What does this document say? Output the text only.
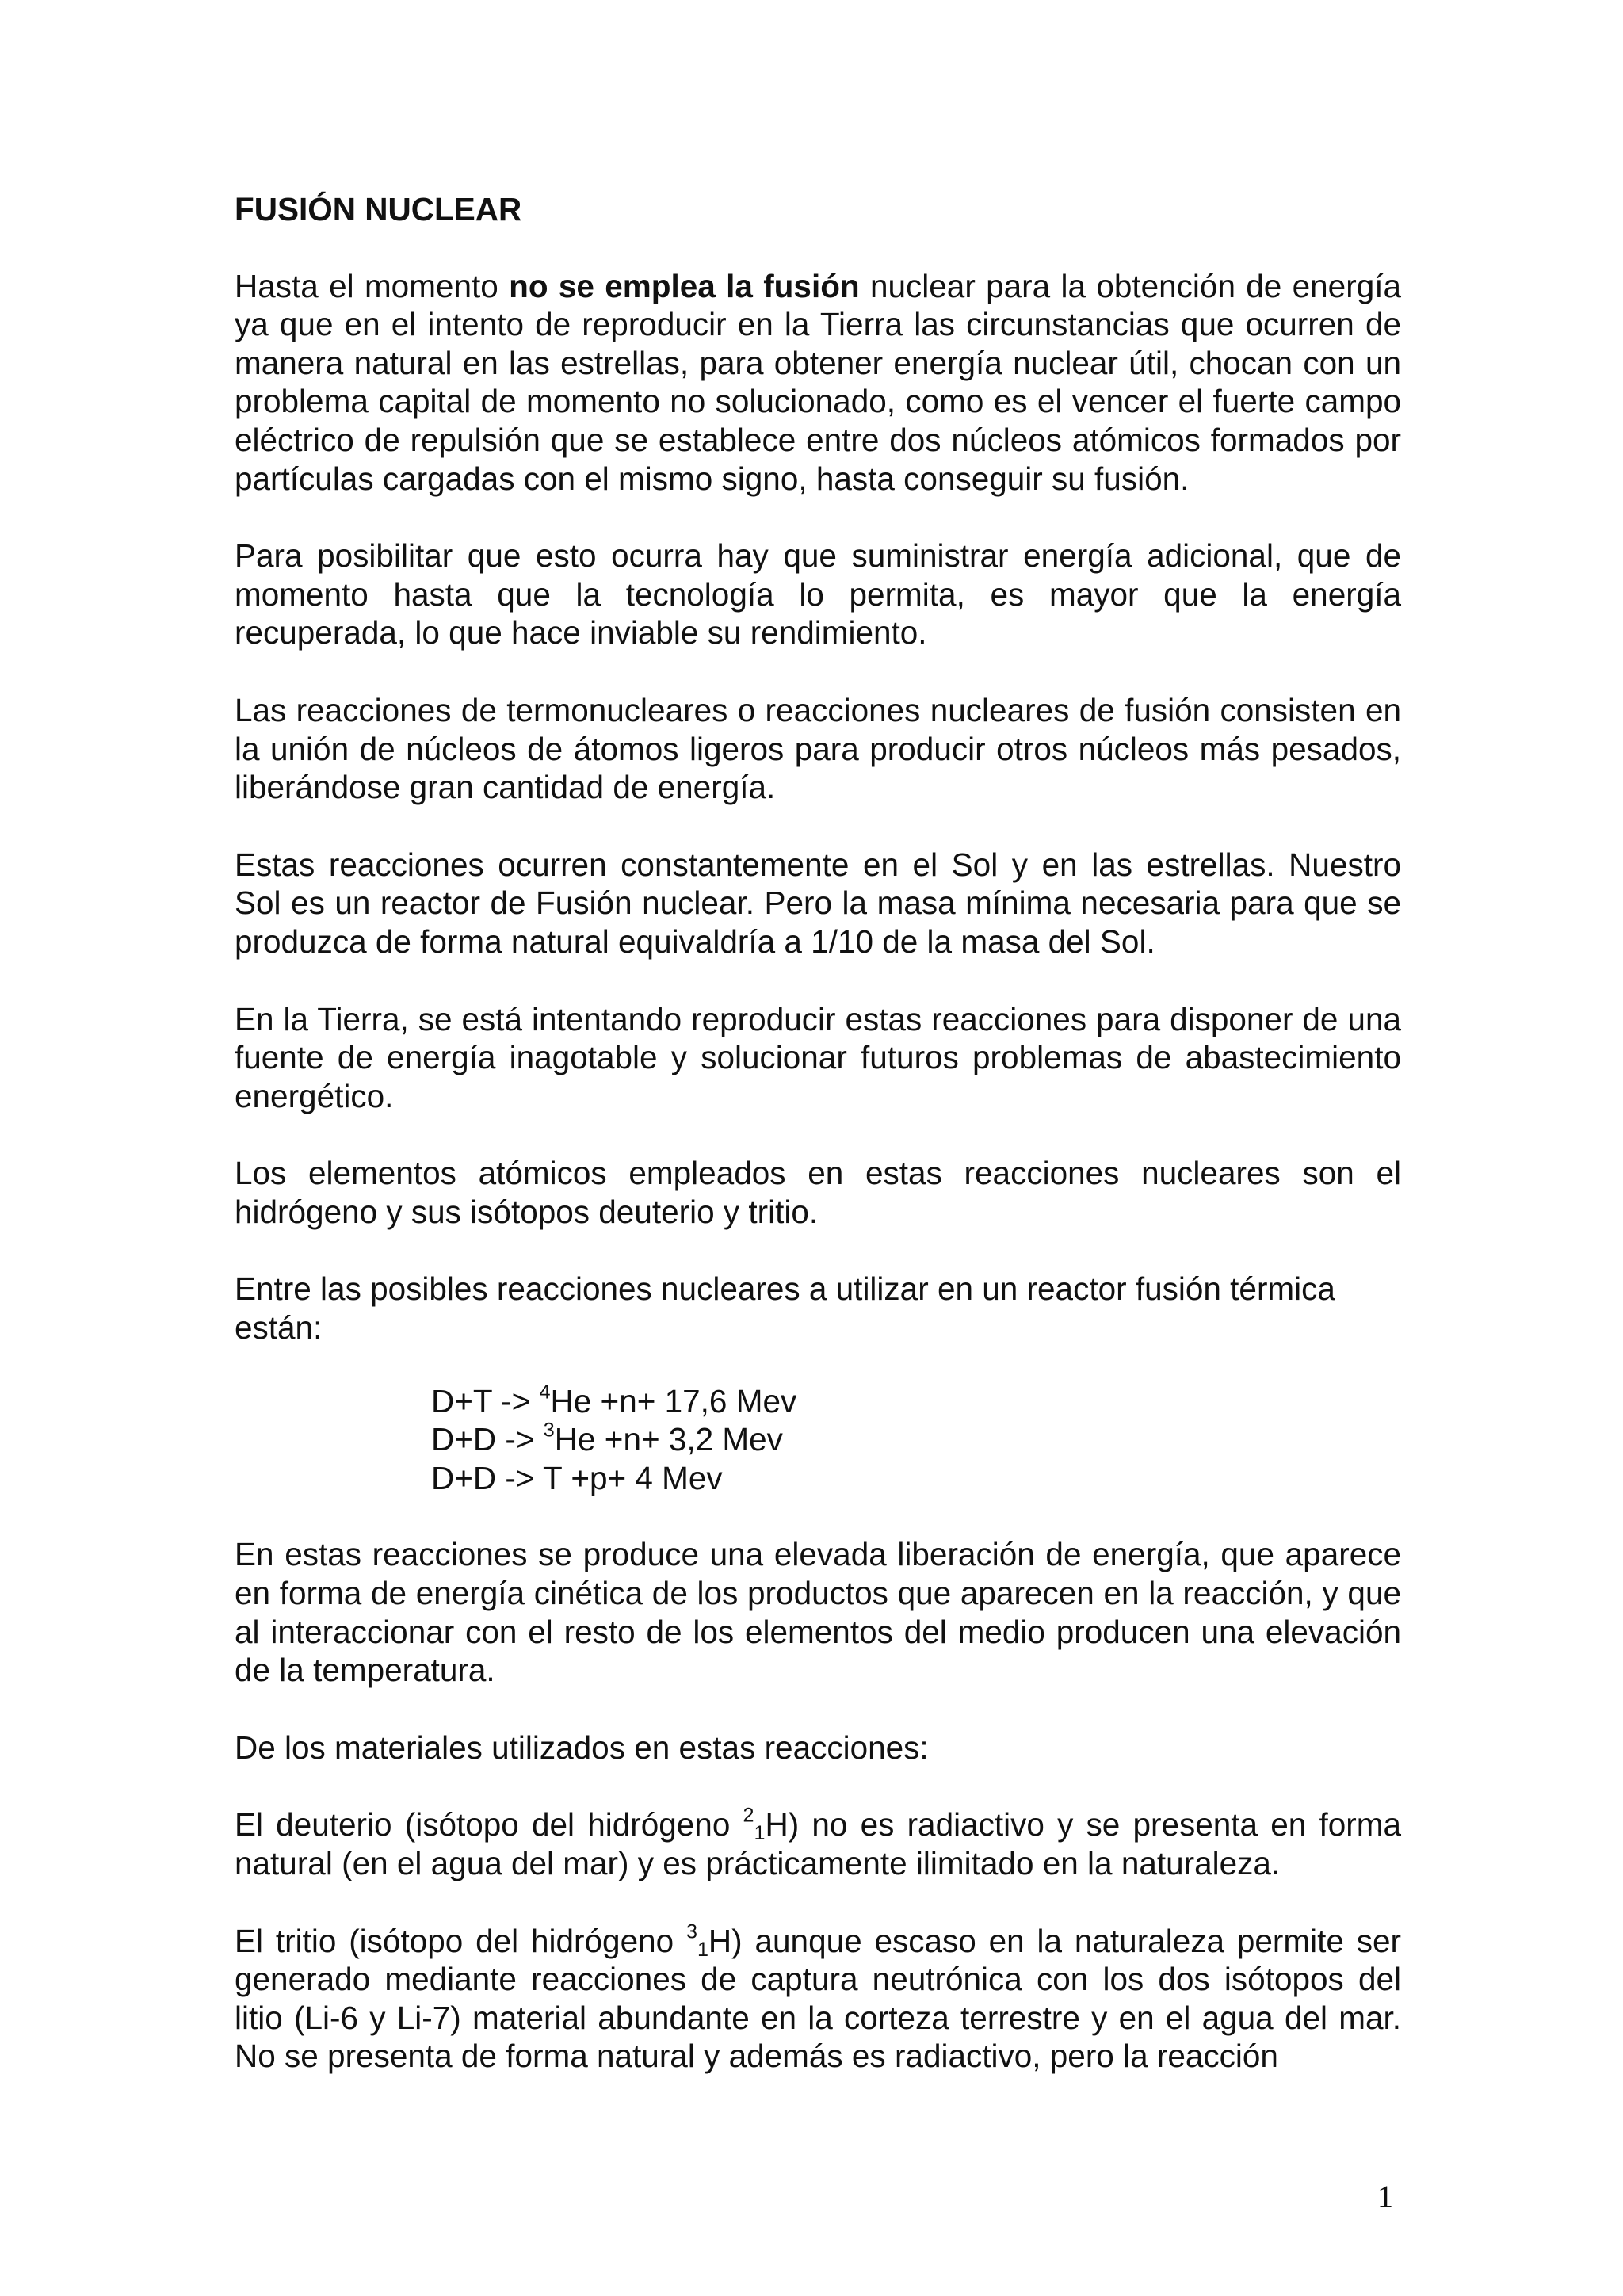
FUSIÓN NUCLEAR

Hasta el momento no se emplea la fusión nuclear para la obtención de energía ya que en el intento de reproducir en la Tierra las circunstancias que ocurren de manera natural en las estrellas, para obtener energía nuclear útil, chocan con un problema capital de momento no solucionado, como es el vencer el fuerte campo eléctrico de repulsión que se establece entre dos núcleos atómicos formados por partículas cargadas con el mismo signo, hasta conseguir su fusión.

Para posibilitar que esto ocurra hay que suministrar energía adicional, que de momento hasta que la tecnología lo permita, es mayor que la energía recuperada, lo que hace inviable su rendimiento.

Las reacciones de termonucleares o reacciones nucleares de fusión consisten en la unión de núcleos de átomos ligeros para producir otros núcleos más pesados, liberándose gran cantidad de energía.

Estas reacciones ocurren constantemente en el Sol y en las estrellas. Nuestro Sol es un reactor de Fusión nuclear. Pero la masa mínima necesaria para que se produzca de forma natural equivaldría a 1/10 de la masa del Sol.

En la Tierra, se está intentando reproducir estas reacciones para disponer de una fuente de energía inagotable y solucionar futuros problemas de abastecimiento energético.

Los elementos atómicos empleados en estas reacciones nucleares son el hidrógeno y sus isótopos deuterio y tritio.

Entre las posibles reacciones nucleares a utilizar en un reactor fusión térmica están:

D+T -> $^4$He +n+ 17,6 Mev
D+D -> $^3$He +n+ 3,2 Mev
D+D -> T +p+ 4 Mev

En estas reacciones se produce una elevada liberación de energía, que aparece en forma de energía cinética de los productos que aparecen en la reacción, y que al interaccionar con el resto de los elementos del medio producen una elevación de la temperatura.

De los materiales utilizados en estas reacciones:

El deuterio (isótopo del hidrógeno $^2_1$H) no es radiactivo y se presenta en forma natural (en el agua del mar) y es prácticamente ilimitado en la naturaleza.

El tritio (isótopo del hidrógeno $^3_1$H) aunque escaso en la naturaleza permite ser generado mediante reacciones de captura neutrónica con los dos isótopos del litio (Li-6 y Li-7) material abundante en la corteza terrestre y en el agua del mar. No se presenta de forma natural y además es radiactivo, pero la reacción

1
